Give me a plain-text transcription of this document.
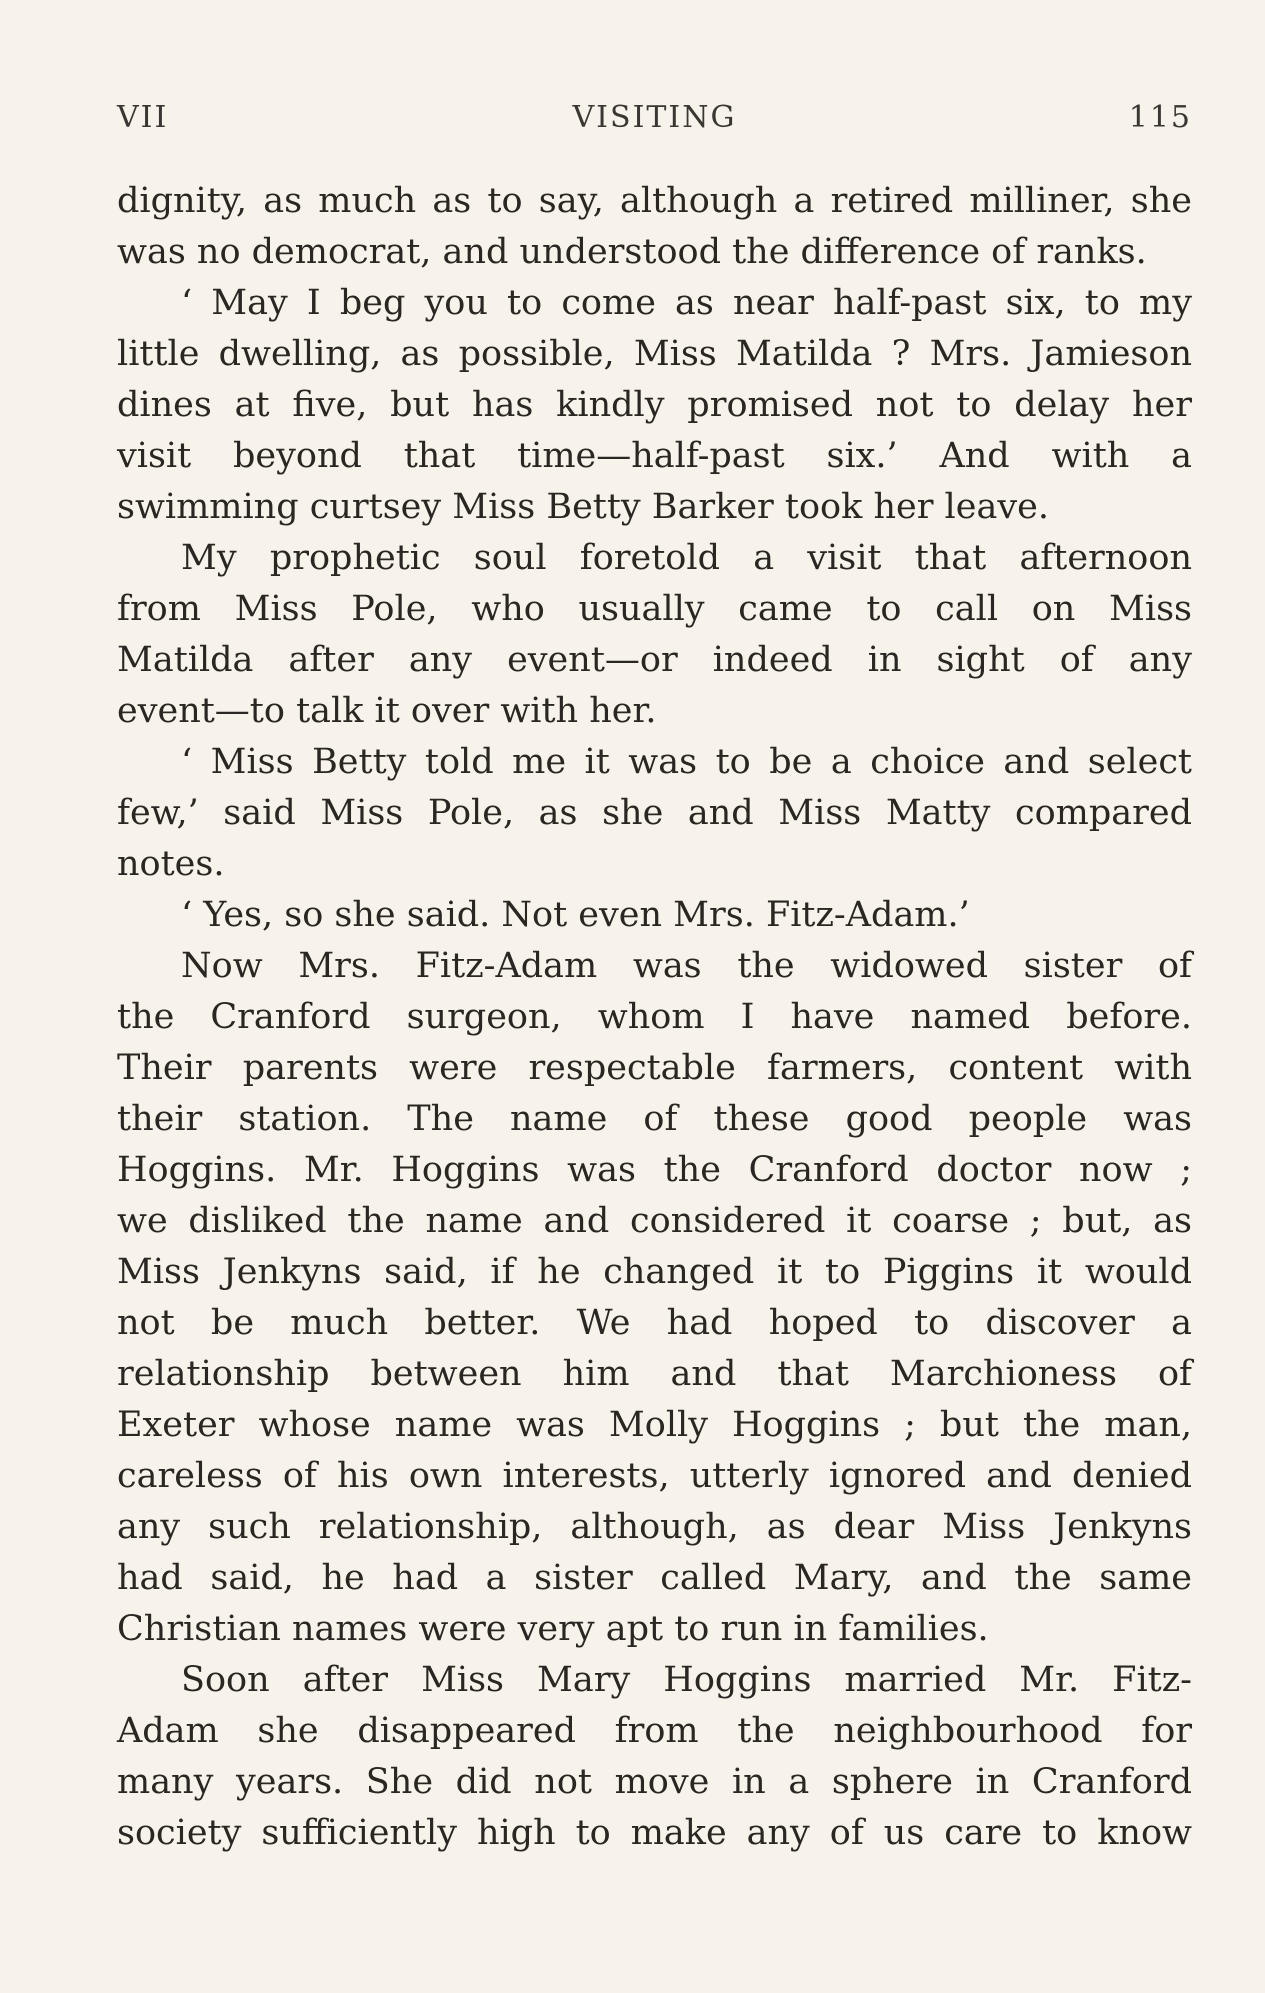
VII	VISITING	115
dignity, as much as to say, although a retired milliner, she
was no democrat, and understood the difference of ranks.
‘ May I beg you to come as near half-past six, to my
little dwelling, as possible, Miss Matilda ? Mrs. Jamieson
dines at five, but has kindly promised not to delay her
visit beyond that time—half-past six.’ And with a
swimming curtsey Miss Betty Barker took her leave.
My prophetic soul foretold a visit that afternoon
from Miss Pole, who usually came to call on Miss
Matilda after any event—or indeed in sight of any
event—to talk it over with her.
‘ Miss Betty told me it was to be a choice and select
few,’ said Miss Pole, as she and Miss Matty compared
notes.
‘ Yes, so she said. Not even Mrs. Fitz-Adam.’
Now Mrs. Fitz-Adam was the widowed sister of
the Cranford surgeon, whom I have named before.
Their parents were respectable farmers, content with
their station. The name of these good people was
Hoggins. Mr. Hoggins was the Cranford doctor now ;
we disliked the name and considered it coarse ; but, as
Miss Jenkyns said, if he changed it to Piggins it would
not be much better. We had hoped to discover a
relationship between him and that Marchioness of
Exeter whose name was Molly Hoggins ; but the man,
careless of his own interests, utterly ignored and denied
any such relationship, although, as dear Miss Jenkyns
had said, he had a sister called Mary, and the same
Christian names were very apt to run in families.
Soon after Miss Mary Hoggins married Mr. Fitz-
Adam she disappeared from the neighbourhood for
many years. She did not move in a sphere in Cranford
society sufficiently high to make any of us care to know
